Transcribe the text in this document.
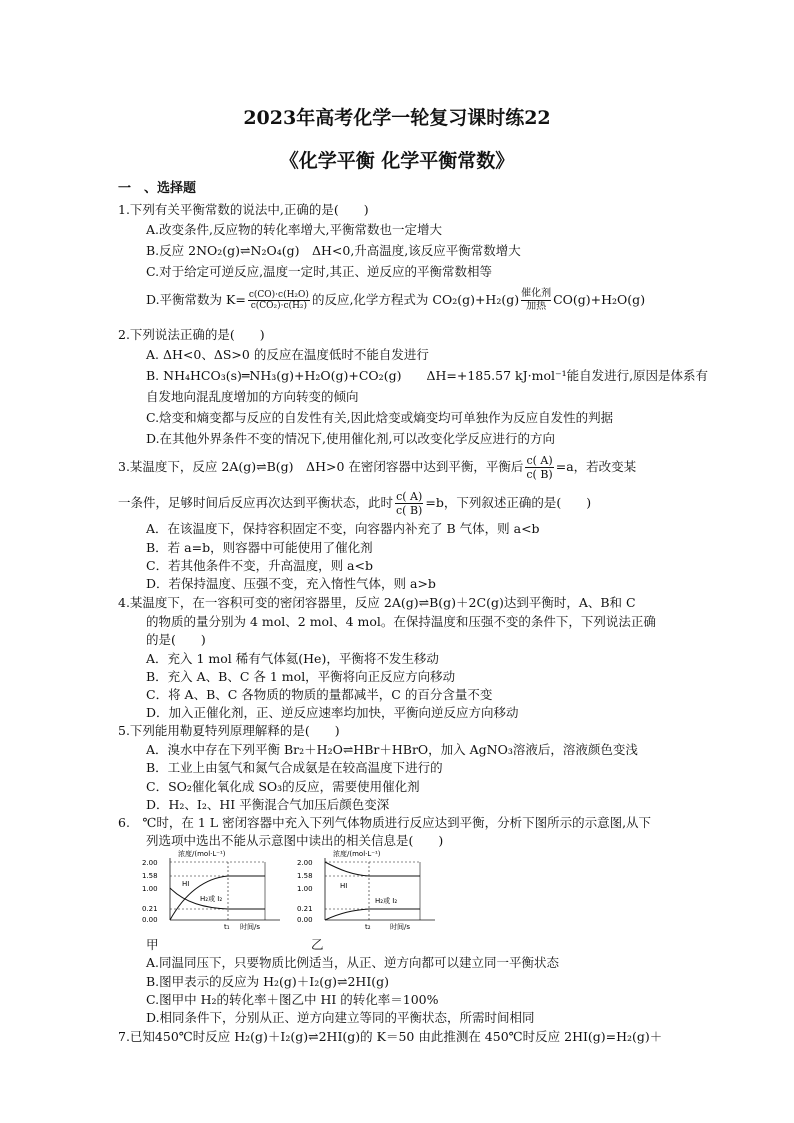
2023年高考化学一轮复习课时练22
《化学平衡 化学平衡常数》
一　、选择题
1.下列有关平衡常数的说法中,正确的是(　　)
A.改变条件,反应物的转化率增大,平衡常数也一定增大
B.反应 2NO₂(g)⇌N₂O₄(g)　ΔH<0,升高温度,该反应平衡常数增大
C.对于给定可逆反应,温度一定时,其正、逆反应的平衡常数相等
D.平衡常数为 $K= \frac{\text{c(CO)·c(H₂O)}}{\text{c(CO₂)·c(H₂)}}$ 的反应,化学方程式为 CO₂(g)+H₂(g) 催化剂
加热 CO(g)+H₂O(g)
2.下列说法正确的是(　　)
A. ΔH<0、ΔS>0 的反应在温度低时不能自发进行
B. NH₄HCO₃(s)═NH₃(g)+H₂O(g)+CO₂(g)　　ΔH=+185.57 kJ·mol⁻¹能自发进行,原因是体系有
自发地向混乱度增加的方向转变的倾向
C.焓变和熵变都与反应的自发性有关,因此焓变或熵变均可单独作为反应自发性的判据
D.在其他外界条件不变的情况下,使用催化剂,可以改变化学反应进行的方向
3.某温度下，反应 2A(g)⇌B(g)　ΔH>0 在密闭容器中达到平衡，平衡后 $\frac{c( A)}{c( B)} =a$，若改变某
一条件，足够时间后反应再次达到平衡状态，此时 $\frac{c( A)}{c( B)} =b$，下列叙述正确的是(　　)
A．在该温度下，保持容积固定不变，向容器内补充了 B 气体，则 a<b
B．若 a=b，则容器中可能使用了催化剂
C．若其他条件不变，升高温度，则 a<b
D．若保持温度、压强不变，充入惰性气体，则 a>b
4.某温度下，在一容积可变的密闭容器里，反应 2A(g)⇌B(g)＋2C(g)达到平衡时，A、B和 C
的物质的量分别为 4 mol、2 mol、4 mol。在保持温度和压强不变的条件下，下列说法正确
的是(　　)
A．充入 1 mol 稀有气体氦(He)，平衡将不发生移动
B．充入 A、B、C 各 1 mol，平衡将向正反应方向移动
C．将 A、B、C 各物质的物质的量都减半，C 的百分含量不变
D．加入正催化剂，正、逆反应速率均加快，平衡向逆反应方向移动
5.下列能用勒夏特列原理解释的是(　　)
A．溴水中存在下列平衡 Br₂＋H₂O⇌HBr＋HBrO，加入 AgNO₃溶液后，溶液颜色变浅
B．工业上由氢气和氮气合成氨是在较高温度下进行的
C．SO₂催化氧化成 SO₃的反应，需要使用催化剂
D．H₂、I₂、HI 平衡混合气加压后颜色变深
6.　℃时，在 1 L 密闭容器中充入下列气体物质进行反应达到平衡，分析下图所示的示意图,从下
列选项中选出不能从示意图中读出的相关信息是(　　)
浓度/(mol·L⁻¹)
2.00
1.58
1.00
0.21
0.00
HI
H₂或 I₂
t₁ 时间/s
浓度/(mol·L⁻¹)
2.00
1.58
1.00
0.21
0.00
HI
H₂或 I₂
t₂	时间/s
甲	乙
A.同温同压下，只要物质比例适当，从正、逆方向都可以建立同一平衡状态
B.图甲表示的反应为 H₂(g)＋I₂(g)⇌2HI(g)
C.图甲中 H₂的转化率＋图乙中 HI 的转化率＝100%
D.相同条件下，分别从正、逆方向建立等同的平衡状态，所需时间相同
7.已知450℃时反应 H₂(g)＋I₂(g)⇌2HI(g)的 K＝50 由此推测在 450℃时反应 2HI(g)=H₂(g)＋
